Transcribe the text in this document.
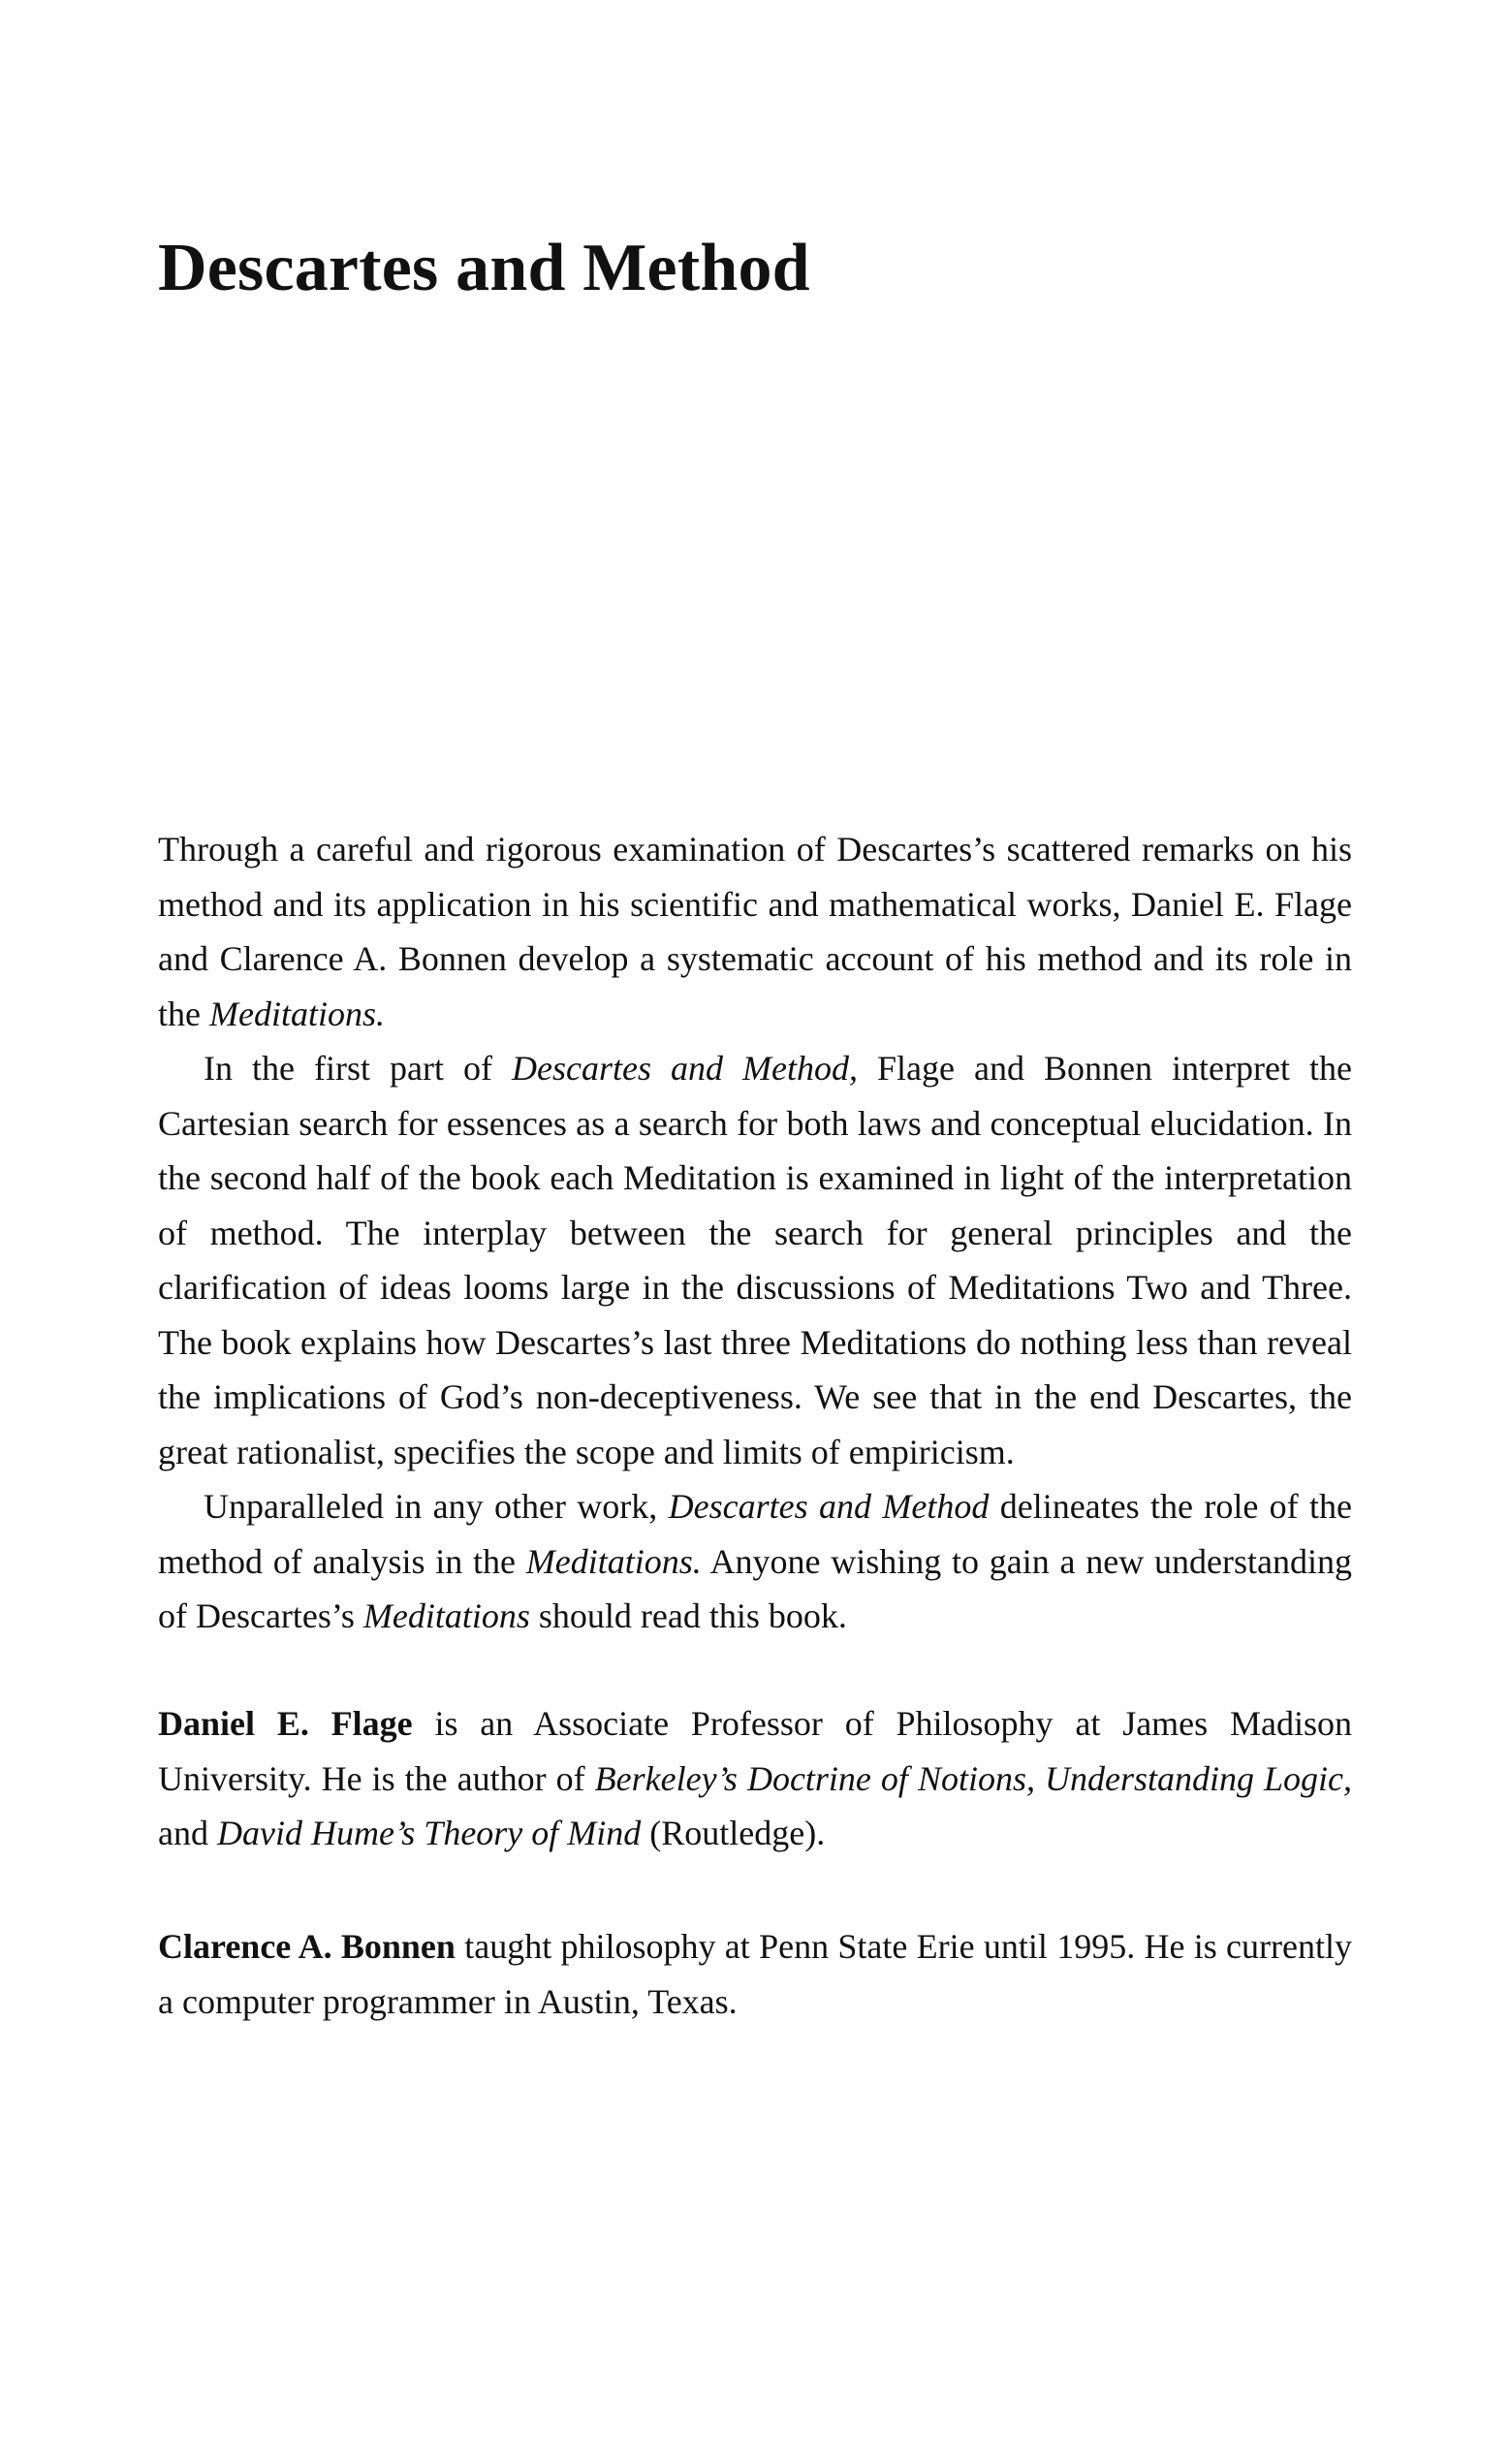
Descartes and Method

Through a careful and rigorous examination of Descartes’s scattered remarks on his method and its application in his scientific and mathematical works, Daniel E. Flage and Clarence A. Bonnen develop a systematic account of his method and its role in the Meditations.

In the first part of Descartes and Method, Flage and Bonnen interpret the Cartesian search for essences as a search for both laws and conceptual elucidation. In the second half of the book each Meditation is examined in light of the interpretation of method. The interplay between the search for general principles and the clarification of ideas looms large in the discussions of Meditations Two and Three. The book explains how Descartes’s last three Meditations do nothing less than reveal the implications of God’s non-deceptiveness. We see that in the end Descartes, the great rationalist, specifies the scope and limits of empiricism.

Unparalleled in any other work, Descartes and Method delineates the role of the method of analysis in the Meditations. Anyone wishing to gain a new understanding of Descartes’s Meditations should read this book.

Daniel E. Flage is an Associate Professor of Philosophy at James Madison University. He is the author of Berkeley’s Doctrine of Notions, Understanding Logic, and David Hume’s Theory of Mind (Routledge).

Clarence A. Bonnen taught philosophy at Penn State Erie until 1995. He is currently a computer programmer in Austin, Texas.
